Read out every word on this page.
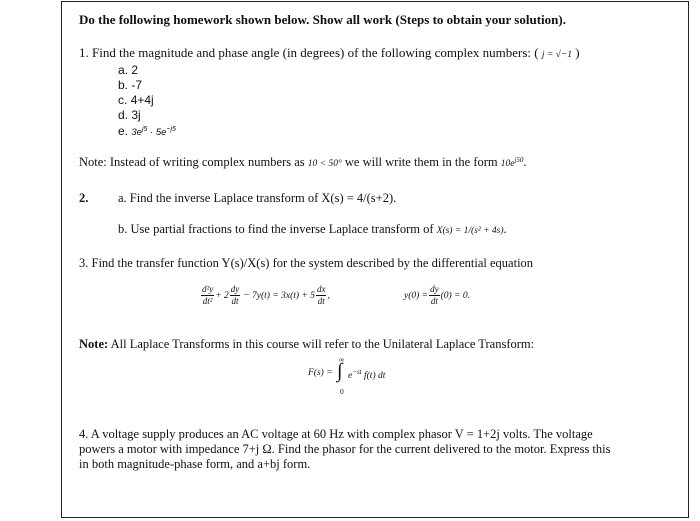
Do the following homework shown below. Show all work (Steps to obtain your solution).
1. Find the magnitude and phase angle (in degrees) of the following complex numbers: ( j = √−1 )
a. 2
b. -7
c. 4+4j
d. 3j
e. $3e^{j5} \cdot 5e^{-j5}$
Note: Instead of writing complex numbers as 10 < 50° we will write them in the form $10e^{j50}$.
2. a. Find the inverse Laplace transform of X(s) = 4/(s+2).
b. Use partial fractions to find the inverse Laplace transform of X(s) = 1/(s² + 4s).
3. Find the transfer function Y(s)/X(s) for the system described by the differential equation
$\frac{\text{d²y}}{\text{dt²}} + 2 \frac{dy}{dt} - 7y(t) = 3x(t) + 5 \frac{dx}{dt}$ ,	$y(0) = \frac{dy}{dt} (0) = 0$.
Note: All Laplace Transforms in this course will refer to the Unilateral Laplace Transform:
F(s) =
∞
∫
0
$e^{-st}$ f(t) dt
4. A voltage supply produces an AC voltage at 60 Hz with complex phasor V = 1+2j volts. The voltage powers a motor with impedance 7+j Ω. Find the phasor for the current delivered to the motor. Express this in both magnitude-phase form, and a+bj form.
